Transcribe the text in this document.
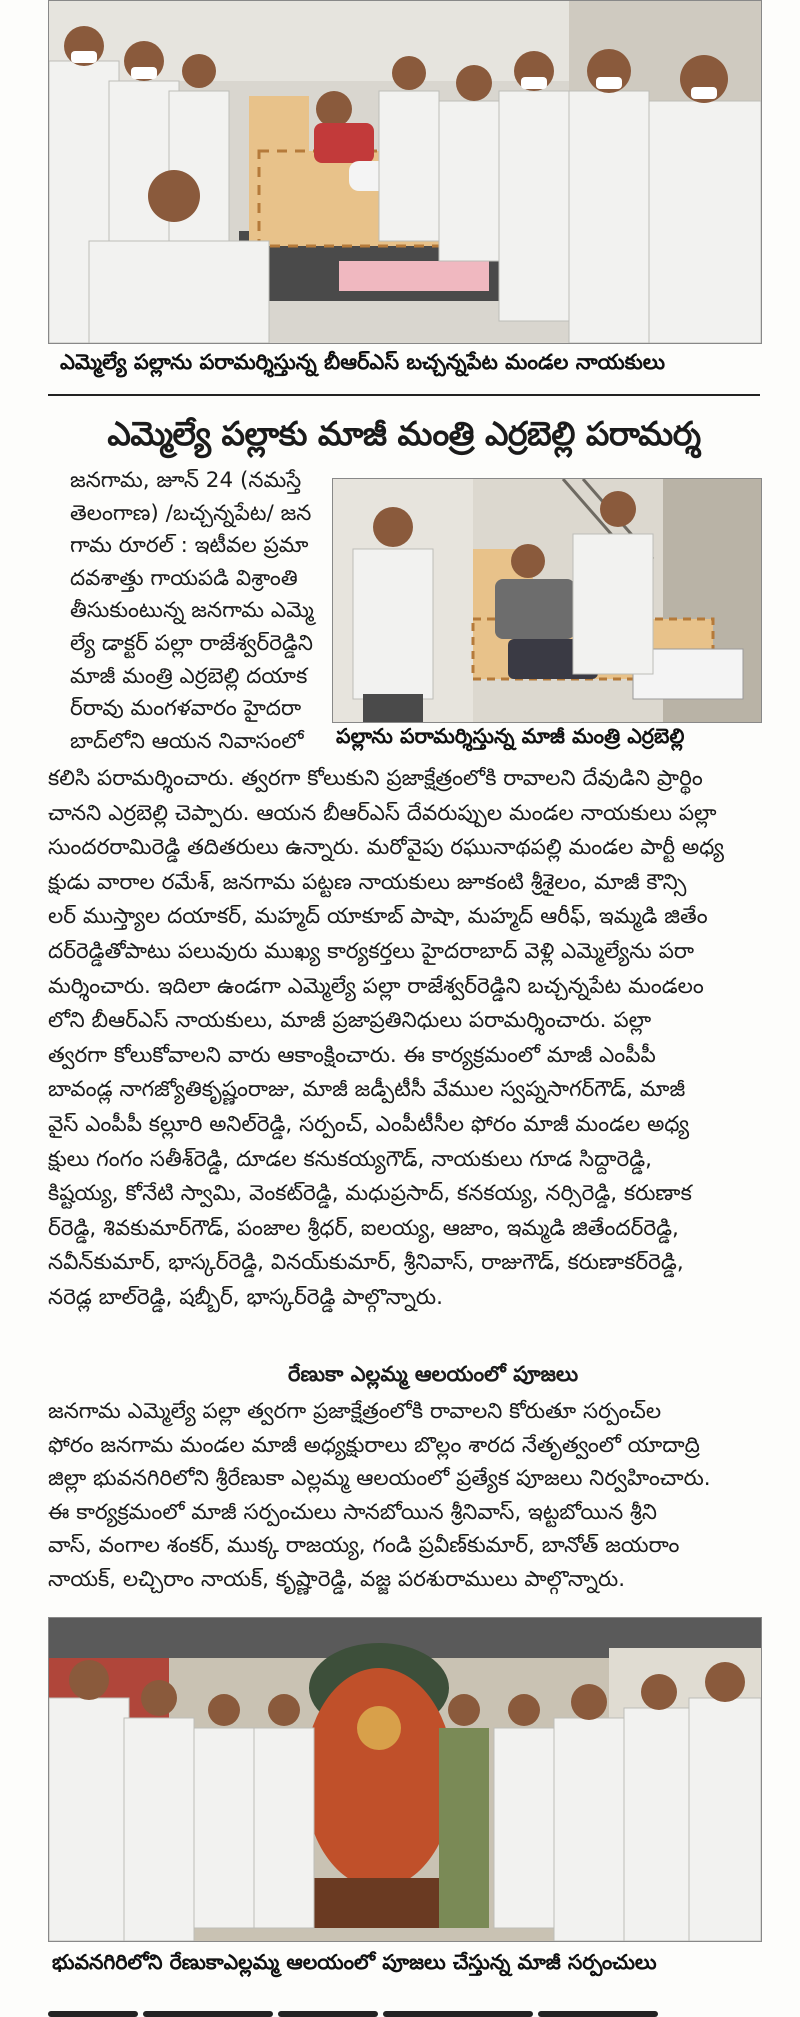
ఎమ్మెల్యే పల్లాను పరామర్శిస్తున్న బీఆర్ఎస్ బచ్చన్నపేట మండల నాయకులు
ఎమ్మెల్యే పల్లాకు మాజీ మంత్రి ఎర్రబెల్లి పరామర్శ
పల్లాను పరామర్శిస్తున్న మాజీ మంత్రి ఎర్రబెల్లి
జనగామ, జూన్ 24 (నమస్తే
తెలంగాణ) /బచ్చన్నపేట/ జన
గామ రూరల్ : ఇటీవల ప్రమా
దవశాత్తు గాయపడి విశ్రాంతి
తీసుకుంటున్న జనగామ ఎమ్మె
ల్యే డాక్టర్ పల్లా రాజేశ్వర్‌రెడ్డిని
మాజీ మంత్రి ఎర్రబెల్లి దయాక
ర్‌రావు మంగళవారం హైదరా
బాద్‌లోని ఆయన నివాసంలో
కలిసి పరామర్శించారు. త్వరగా కోలుకుని ప్రజాక్షేత్రంలోకి రావాలని దేవుడిని ప్రార్థిం
చానని ఎర్రబెల్లి చెప్పారు. ఆయన బీఆర్ఎస్ దేవరుప్పుల మండల నాయకులు పల్లా
సుందరరామిరెడ్డి తదితరులు ఉన్నారు. మరోవైపు రఘునాథపల్లి మండల పార్టీ అధ్య
క్షుడు వారాల రమేశ్, జనగామ పట్టణ నాయకులు జూకంటి శ్రీశైలం, మాజీ కౌన్సి
లర్ ముస్త్యాల దయాకర్, మహ్మద్ యాకూబ్ పాషా, మహ్మద్ ఆరీఫ్, ఇమ్మడి జితేం
దర్‌రెడ్డితోపాటు పలువురు ముఖ్య కార్యకర్తలు హైదరాబాద్ వెళ్లి ఎమ్మెల్యేను పరా
మర్శించారు. ఇదిలా ఉండగా ఎమ్మెల్యే పల్లా రాజేశ్వర్‌రెడ్డిని బచ్చన్నపేట మండలం
లోని బీఆర్ఎస్ నాయకులు, మాజీ ప్రజాప్రతినిధులు పరామర్శించారు. పల్లా
త్వరగా కోలుకోవాలని వారు ఆకాంక్షించారు. ఈ కార్యక్రమంలో మాజీ ఎంపీపీ
బావండ్ల నాగజ్యోతికృష్ణంరాజు, మాజీ జడ్పీటీసీ వేముల స్వప్నసాగర్‌గౌడ్, మాజీ
వైస్ ఎంపీపీ కల్లూరి అనిల్‌రెడ్డి, సర్పంచ్, ఎంపీటీసీల ఫోరం మాజీ మండల అధ్య
క్షులు గంగం సతీశ్‌రెడ్డి, దూడల కనుకయ్యగౌడ్, నాయకులు గూడ సిద్దారెడ్డి,
కిష్టయ్య, కోనేటి స్వామి, వెంకట్‌రెడ్డి, మధుప్రసాద్, కనకయ్య, నర్సిరెడ్డి, కరుణాక
ర్‌రెడ్డి, శివకుమార్‌గౌడ్, పంజాల శ్రీధర్, ఐలయ్య, ఆజాం, ఇమ్మడి జితేందర్‌రెడ్డి,
నవీన్‌కుమార్, భాస్కర్‌రెడ్డి, వినయ్‌కుమార్, శ్రీనివాస్, రాజుగౌడ్, కరుణాకర్‌రెడ్డి,
నరెడ్ల బాల్‌రెడ్డి, షబ్బీర్, భాస్కర్‌రెడ్డి పాల్గొన్నారు.
రేణుకా ఎల్లమ్మ ఆలయంలో పూజలు
జనగామ ఎమ్మెల్యే పల్లా త్వరగా ప్రజాక్షేత్రంలోకి రావాలని కోరుతూ సర్పంచ్‌ల
ఫోరం జనగామ మండల మాజీ అధ్యక్షురాలు బొల్లం శారద నేతృత్వంలో యాదాద్రి
జిల్లా భువనగిరిలోని శ్రీరేణుకా ఎల్లమ్మ ఆలయంలో ప్రత్యేక పూజలు నిర్వహించారు.
ఈ కార్యక్రమంలో మాజీ సర్పంచులు సానబోయిన శ్రీనివాస్, ఇట్టబోయిన శ్రీని
వాస్, వంగాల శంకర్, ముక్క రాజయ్య, గండి ప్రవీణ్‌కుమార్, బానోత్ జయరాం
నాయక్, లచ్చిరాం నాయక్, కృష్ణారెడ్డి, వజ్జ పరశురాములు పాల్గొన్నారు.
భువనగిరిలోని రేణుకాఎల్లమ్మ ఆలయంలో పూజలు చేస్తున్న మాజీ సర్పంచులు
